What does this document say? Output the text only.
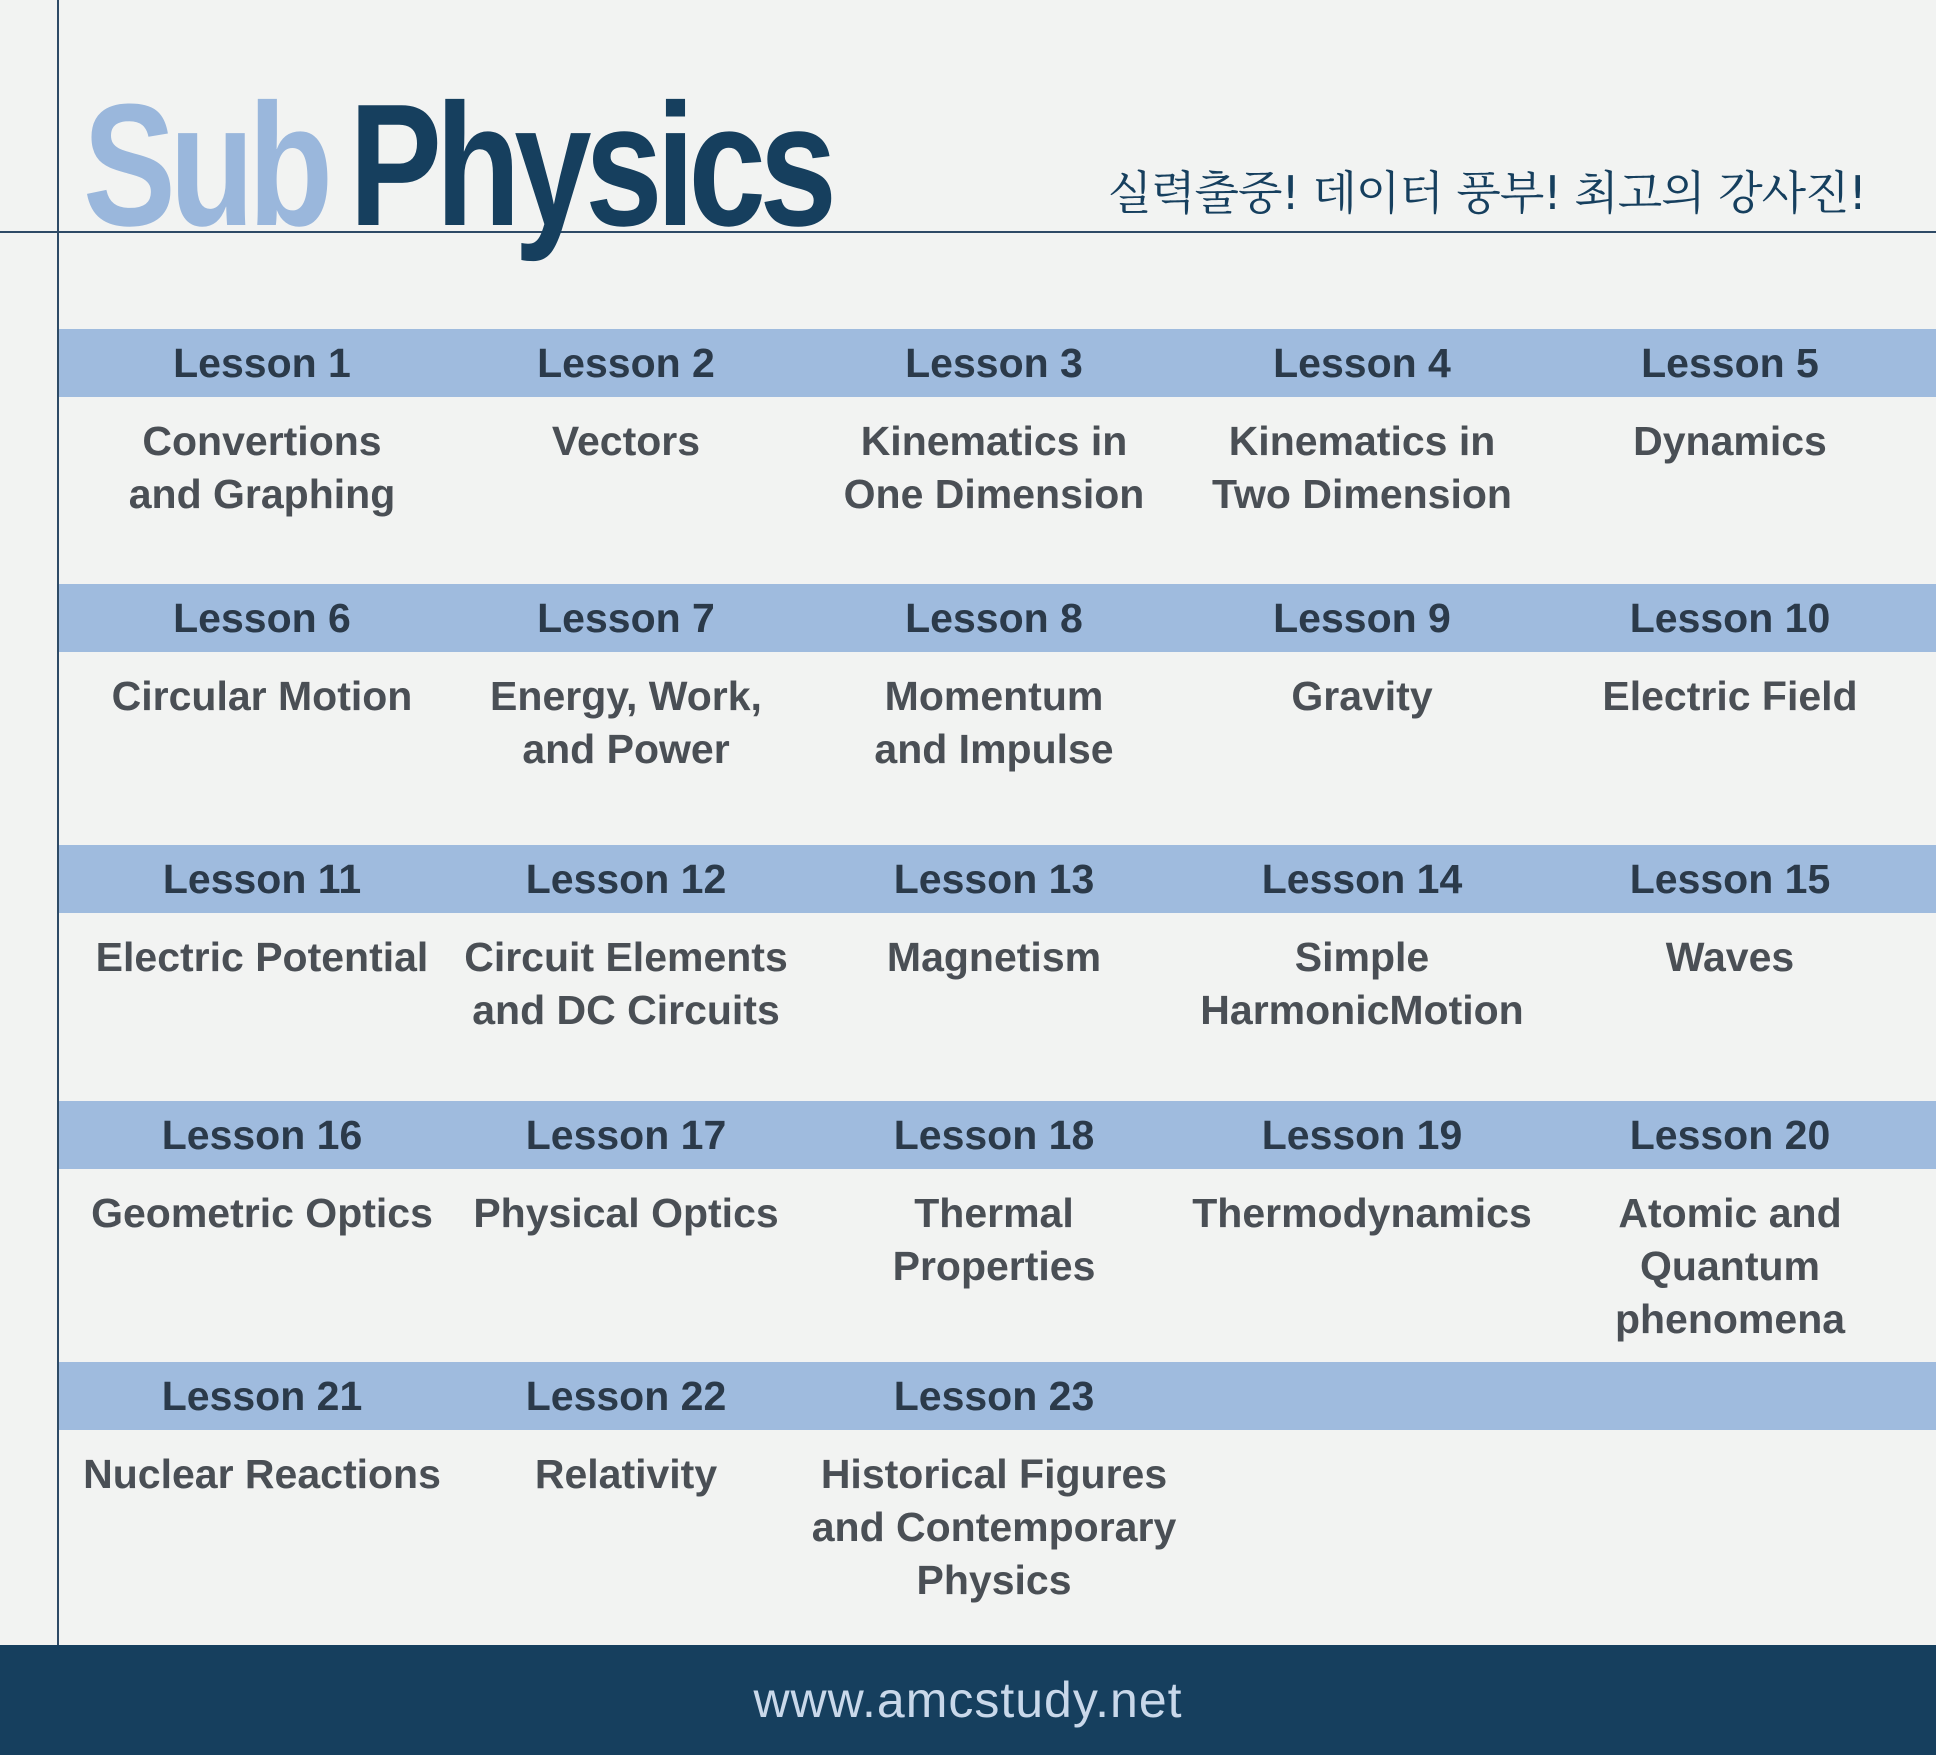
Sub Physics	실력출중! 데이터 풍부! 최고의 강사진!
Lesson 1
Convertions
and Graphing
Lesson 2
Vectors
Lesson 3
Kinematics in
One Dimension
Lesson 4
Kinematics in
Two Dimension
Lesson 5
Dynamics
Lesson 6
Circular Motion
Lesson 7
Energy, Work,
and Power
Lesson 8
Momentum
and Impulse
Lesson 9
Gravity
Lesson 10
Electric Field
Lesson 11
Electric Potential
Lesson 12
Circuit Elements
and DC Circuits
Lesson 13
Magnetism
Lesson 14
Simple
HarmonicMotion
Lesson 15
Waves
Lesson 16
Geometric Optics
Lesson 17
Physical Optics
Lesson 18
Thermal
Properties
Lesson 19
Thermodynamics
Lesson 20
Atomic and
Quantum phenomena
Lesson 21
Nuclear Reactions
Lesson 22
Relativity
Lesson 23
Historical Figures
and Contemporary Physics
www.amcstudy.net
